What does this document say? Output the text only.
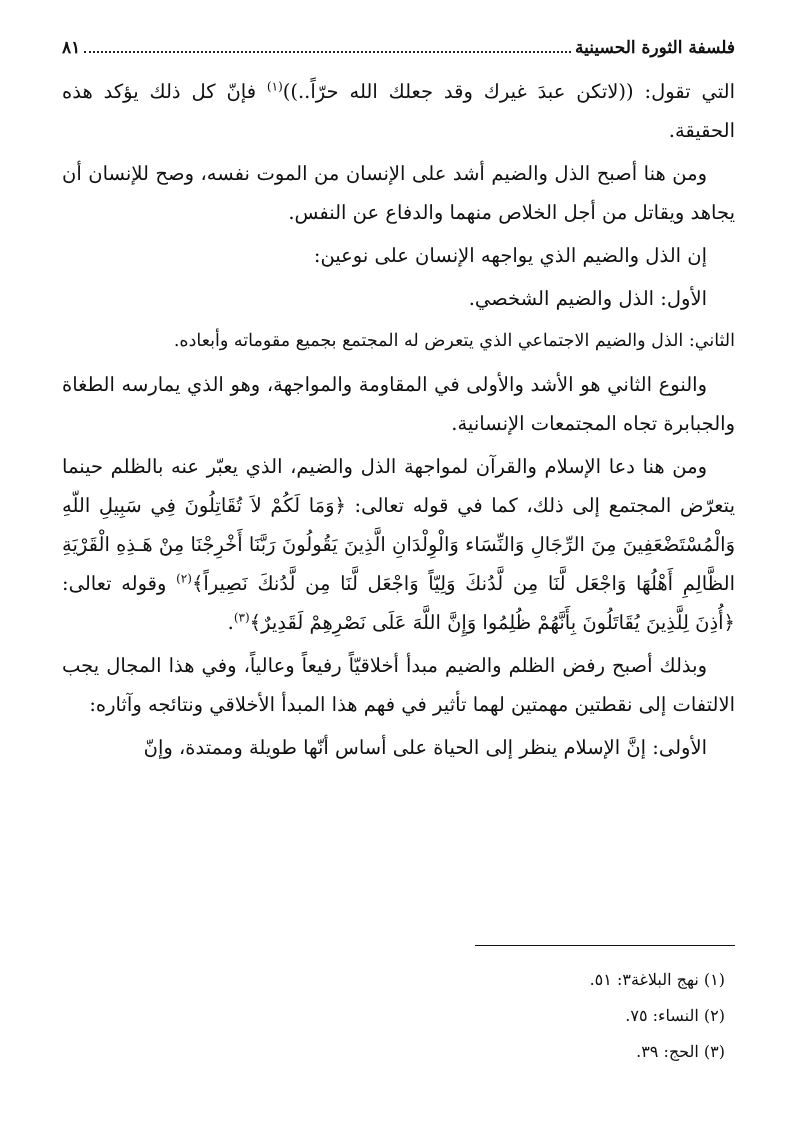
فلسفة الثورة الحسينية
٨١

التي تقول: ((لاتكن عبدَ غيرك وقد جعلك الله حرّاً..))$^{(١)}$ فإنّ كل ذلك يؤكد هذه الحقيقة.

ومن هنا أصبح الذل والضيم أشد على الإنسان من الموت نفسه، وصح للإنسان أن يجاهد ويقاتل من أجل الخلاص منهما والدفاع عن النفس.

إن الذل والضيم الذي يواجهه الإنسان على نوعين:

الأول: الذل والضيم الشخصي.

الثاني: الذل والضيم الاجتماعي الذي يتعرض له المجتمع بجميع مقوماته وأبعاده.

والنوع الثاني هو الأشد والأولى في المقاومة والمواجهة، وهو الذي يمارسه الطغاة والجبابرة تجاه المجتمعات الإنسانية.

ومن هنا دعا الإسلام والقرآن لمواجهة الذل والضيم، الذي يعبّر عنه بالظلم حينما يتعرّض المجتمع إلى ذلك، كما في قوله تعالى: ﴿وَمَا لَكُمْ لاَ تُقَاتِلُونَ فِي سَبِيلِ اللّهِ وَالْمُسْتَضْعَفِينَ مِنَ الرِّجَالِ وَالنِّسَاء وَالْوِلْدَانِ الَّذِينَ يَقُولُونَ رَبَّنَا أَخْرِجْنَا مِنْ هَـذِهِ الْقَرْيَةِ الظَّالِمِ أَهْلُهَا وَاجْعَل لَّنَا مِن لَّدُنكَ وَلِيّاً وَاجْعَل لَّنَا مِن لَّدُنكَ نَصِيراً﴾$^{(٢)}$ وقوله تعالى: ﴿أُذِنَ لِلَّذِينَ يُقَاتَلُونَ بِأَنَّهُمْ ظُلِمُوا وَإِنَّ اللَّهَ عَلَى نَصْرِهِمْ لَقَدِيرٌ﴾$^{(٣)}$.

وبذلك أصبح رفض الظلم والضيم مبدأ أخلاقيّاً رفيعاً وعالياً، وفي هذا المجال يجب الالتفات إلى نقطتين مهمتين لهما تأثير في فهم هذا المبدأ الأخلاقي ونتائجه وآثاره:

الأولى: إنَّ الإسلام ينظر إلى الحياة على أساس أنّها طويلة وممتدة، وإنّ

(١) نهج البلاغة٣: ٥١.
(٢) النساء: ٧٥.
(٣) الحج: ٣٩.
